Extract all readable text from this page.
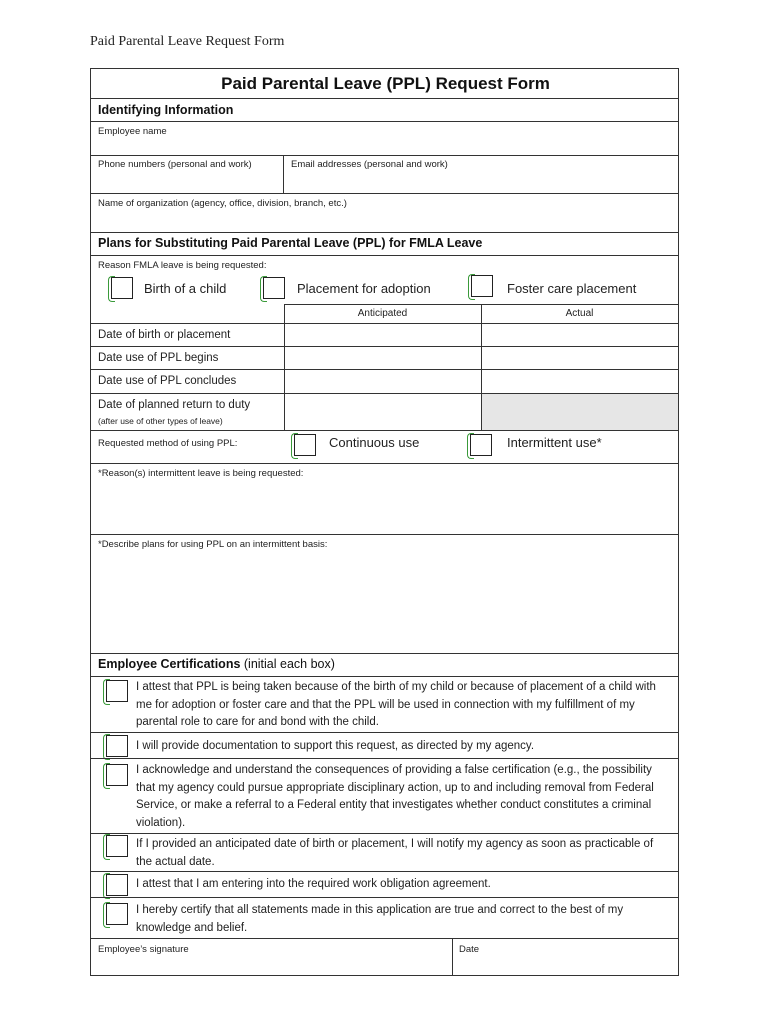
Paid Parental Leave Request Form
Paid Parental Leave (PPL) Request Form
Identifying Information
Employee name
Phone numbers (personal and work)	Email addresses (personal and work)
Name of organization (agency, office, division, branch, etc.)
Plans for Substituting Paid Parental Leave (PPL) for FMLA Leave
Reason FMLA leave is being requested:
Birth of a child	Placement for adoption	Foster care placement
Anticipated	Actual
Date of birth or placement
Date use of PPL begins
Date use of PPL concludes
Date of planned return to duty
(after use of other types of leave)
Requested method of using PPL:	Continuous use	Intermittent use*
*Reason(s) intermittent leave is being requested:
*Describe plans for using PPL on an intermittent basis:
Employee Certifications (initial each box)
I attest that PPL is being taken because of the birth of my child or because of placement of a child with me for adoption or foster care and that the PPL will be used in connection with my fulfillment of my parental role to care for and bond with the child.
I will provide documentation to support this request, as directed by my agency.
I acknowledge and understand the consequences of providing a false certification (e.g., the possibility that my agency could pursue appropriate disciplinary action, up to and including removal from Federal Service, or make a referral to a Federal entity that investigates whether conduct constitutes a criminal violation).
If I provided an anticipated date of birth or placement, I will notify my agency as soon as practicable of the actual date.
I attest that I am entering into the required work obligation agreement.
I hereby certify that all statements made in this application are true and correct to the best of my knowledge and belief.
Employee’s signature	Date
